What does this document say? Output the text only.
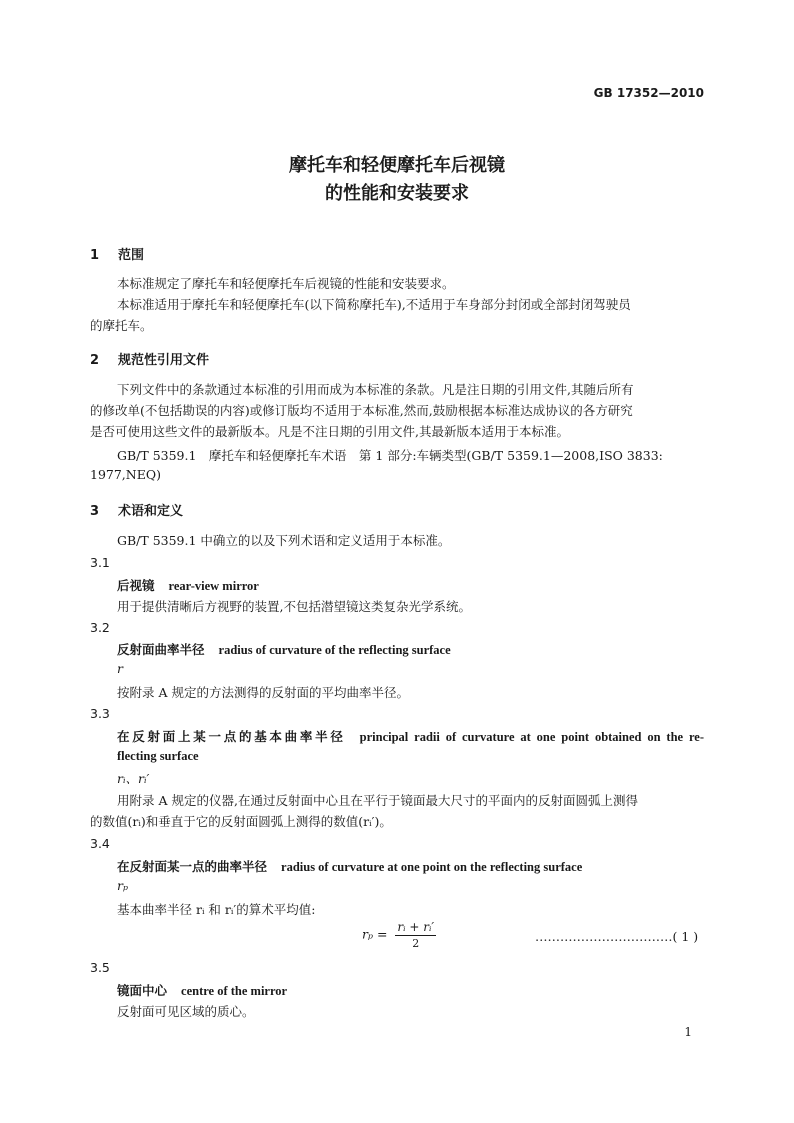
GB 17352—2010
摩托车和轻便摩托车后视镜
的性能和安装要求
1 范围
本标准规定了摩托车和轻便摩托车后视镜的性能和安装要求。
本标准适用于摩托车和轻便摩托车(以下简称摩托车),不适用于车身部分封闭或全部封闭驾驶员
的摩托车。
2 规范性引用文件
下列文件中的条款通过本标准的引用而成为本标准的条款。凡是注日期的引用文件,其随后所有
的修改单(不包括勘误的内容)或修订版均不适用于本标准,然而,鼓励根据本标准达成协议的各方研究
是否可使用这些文件的最新版本。凡是不注日期的引用文件,其最新版本适用于本标准。
GB/T 5359.1　摩托车和轻便摩托车术语　第 1 部分:车辆类型(GB/T 5359.1—2008,ISO 3833:
1977,NEQ)
3 术语和定义
GB/T 5359.1 中确立的以及下列术语和定义适用于本标准。
3.1
后视镜 rear-view mirror
用于提供清晰后方视野的装置,不包括潜望镜这类复杂光学系统。
3.2
反射面曲率半径 radius of curvature of the reflecting surface
r
按附录 A 规定的方法测得的反射面的平均曲率半径。
3.3
在反射面上某一点的基本曲率半径 principal radii of curvature at one point obtained on the re-
flecting surface
rᵢ、rᵢ′
用附录 A 规定的仪器,在通过反射面中心且在平行于镜面最大尺寸的平面内的反射面圆弧上测得
的数值(rᵢ)和垂直于它的反射面圆弧上测得的数值(rᵢ′)。
3.4
在反射面某一点的曲率半径 radius of curvature at one point on the reflecting surface
rₚ
基本曲率半径 rᵢ 和 rᵢ′的算术平均值:
$r_p = \frac{\text{rᵢ + rᵢ′}}{2}$	……………………………( 1 )
3.5
镜面中心 centre of the mirror
反射面可见区域的质心。
1
